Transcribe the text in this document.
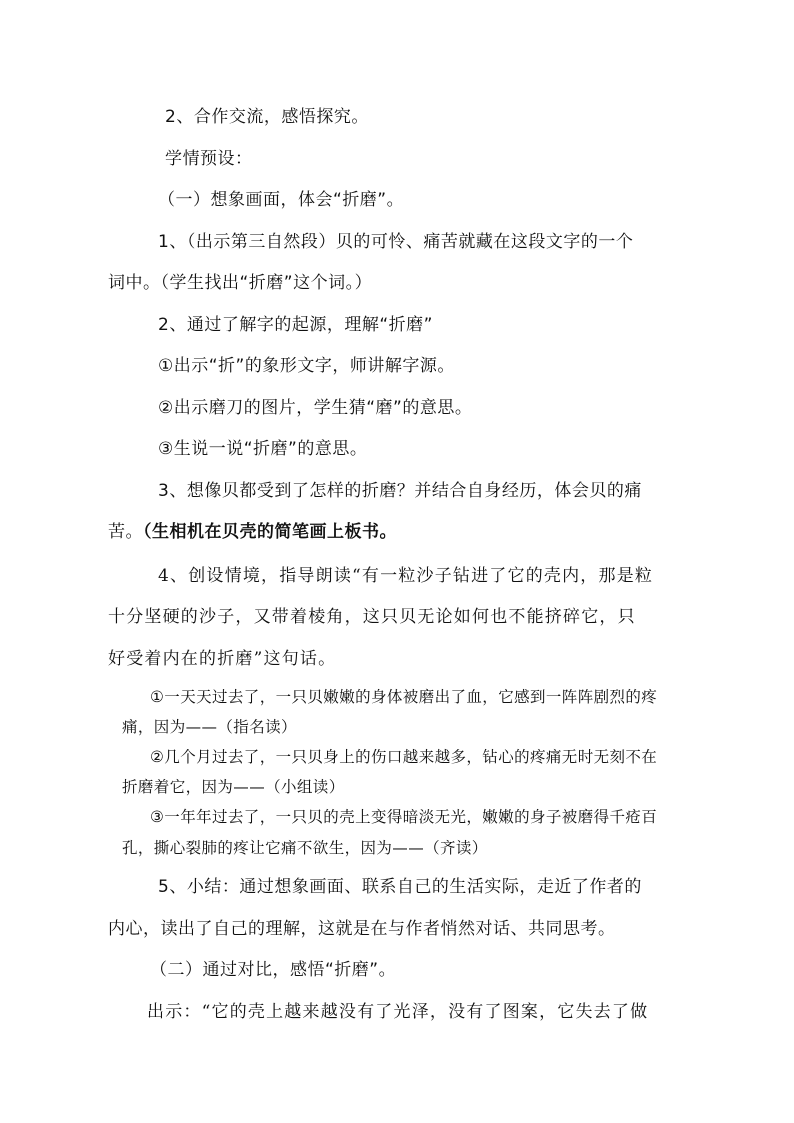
2、合作交流，感悟探究。
学情预设：
（一）想象画面，体会“折磨”。
1、（出示第三自然段）贝的可怜、痛苦就藏在这段文字的一个
词中。（学生找出“折磨”这个词。）
2、通过了解字的起源，理解“折磨”
①出示“折”的象形文字，师讲解字源。
②出示磨刀的图片，学生猜“磨”的意思。
③生说一说“折磨”的意思。
3、想像贝都受到了怎样的折磨？并结合自身经历，体会贝的痛
苦。（生相机在贝壳的简笔画上板书。
4、创设情境，指导朗读“有一粒沙子钻进了它的壳内，那是粒
十分坚硬的沙子，又带着棱角，这只贝无论如何也不能挤碎它，只
好受着内在的折磨”这句话。
①一天天过去了，一只贝嫩嫩的身体被磨出了血，它感到一阵阵剧烈的疼
痛，因为——（指名读）
②几个月过去了，一只贝身上的伤口越来越多，钻心的疼痛无时无刻不在
折磨着它，因为——（小组读）
③一年年过去了，一只贝的壳上变得暗淡无光，嫩嫩的身子被磨得千疮百
孔，撕心裂肺的疼让它痛不欲生，因为——（齐读）
5、小结：通过想象画面、联系自己的生活实际，走近了作者的
内心，读出了自己的理解，这就是在与作者悄然对话、共同思考。
（二）通过对比，感悟“折磨”。
出示：“它的壳上越来越没有了光泽，没有了图案，它失去了做
